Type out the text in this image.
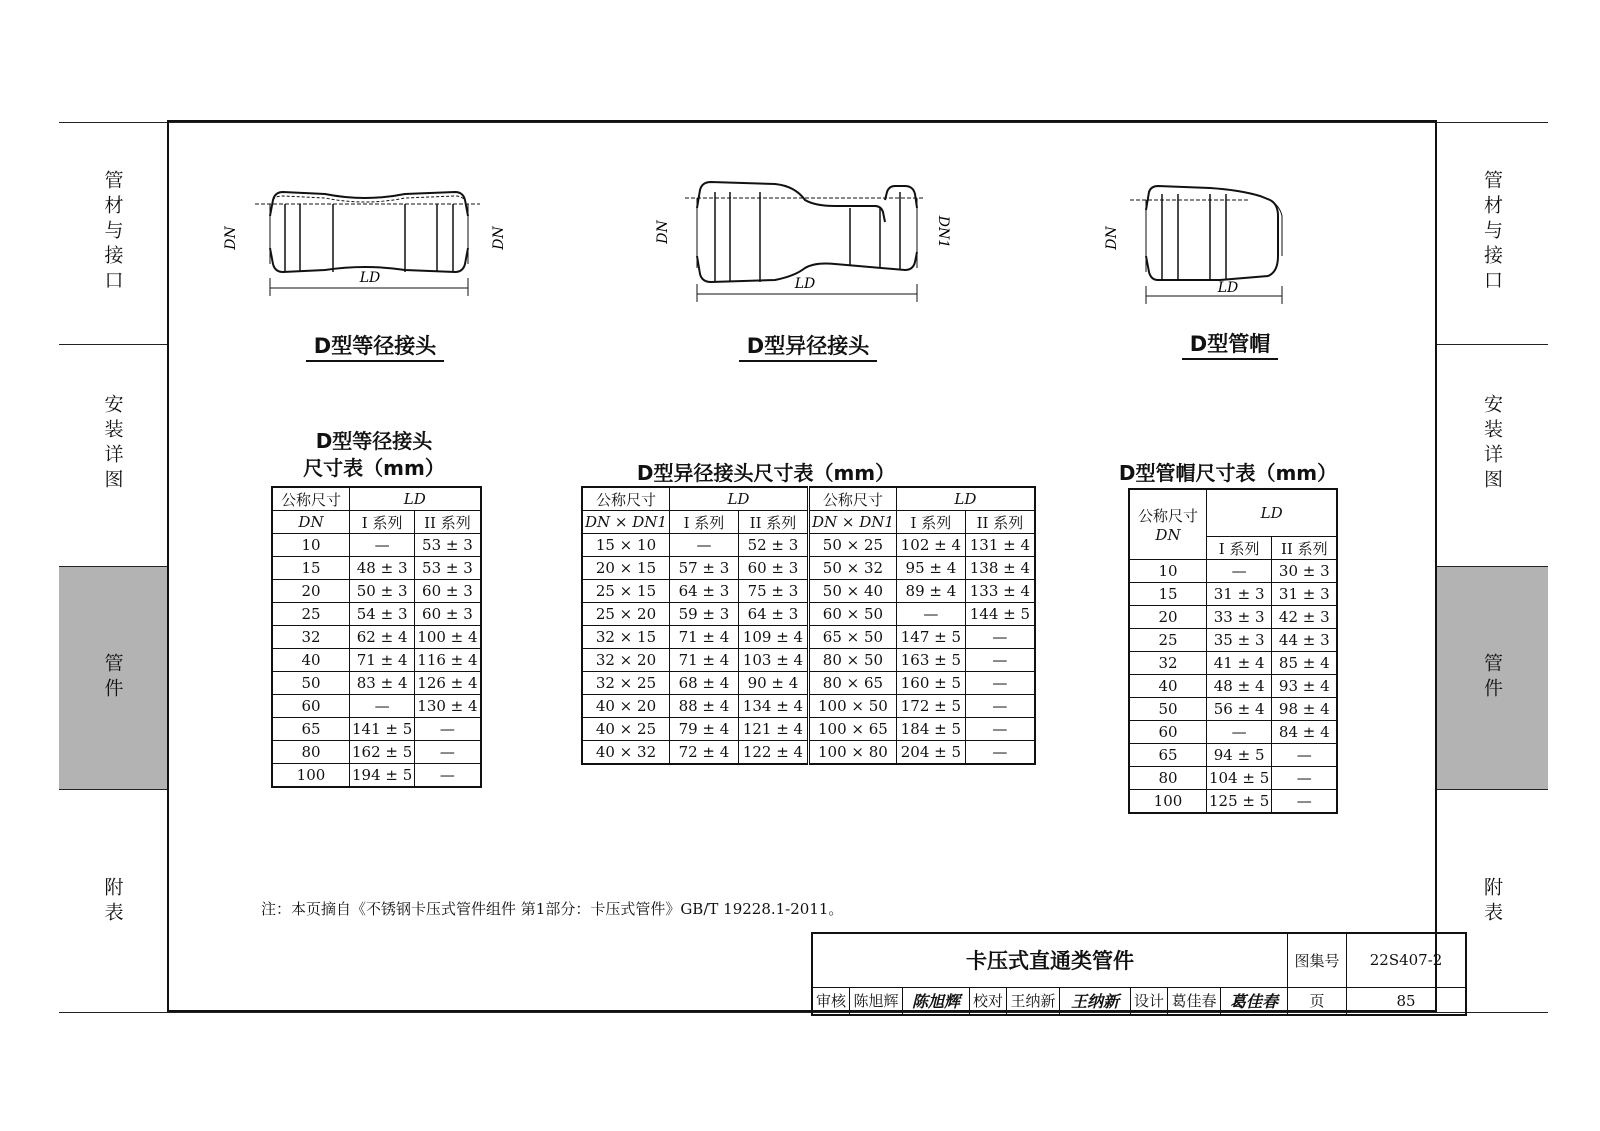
管材与接口
安装详图
管件
附表
管材与接口
安装详图
管件
附表
DN	DN
LD
D型等径接头
DN	DN1
LD
D型异径接头
DN
LD
D型管帽
D型等径接头
尺寸表（mm）
公称尺寸	LD	
DN	I 系列	II 系列
10	—	53 ± 3
15	48 ± 3	53 ± 3
20	50 ± 3	60 ± 3
25	54 ± 3	60 ± 3
32	62 ± 4	100 ± 4
40	71 ± 4	116 ± 4
50	83 ± 4	126 ± 4
60	—	130 ± 4
65	141 ± 5	—
80	162 ± 5	—
100	194 ± 5	—
D型异径接头尺寸表（mm）
公称尺寸	LD		公称尺寸	LD	
DN × DN1	I 系列	II 系列	DN × DN1	I 系列	II 系列
15 × 10	—	52 ± 3	50 × 25	102 ± 4	131 ± 4
20 × 15	57 ± 3	60 ± 3	50 × 32	95 ± 4	138 ± 4
25 × 15	64 ± 3	75 ± 3	50 × 40	89 ± 4	133 ± 4
25 × 20	59 ± 3	64 ± 3	60 × 50	—	144 ± 5
32 × 15	71 ± 4	109 ± 4	65 × 50	147 ± 5	—
32 × 20	71 ± 4	103 ± 4	80 × 50	163 ± 5	—
32 × 25	68 ± 4	90 ± 4	80 × 65	160 ± 5	—
40 × 20	88 ± 4	134 ± 4	100 × 50	172 ± 5	—
40 × 25	79 ± 4	121 ± 4	100 × 65	184 ± 5	—
40 × 32	72 ± 4	122 ± 4	100 × 80	204 ± 5	—
D型管帽尺寸表（mm）
公称尺寸
DN	LD	
	I 系列	II 系列
10	—	30 ± 3
15	31 ± 3	31 ± 3
20	33 ± 3	42 ± 3
25	35 ± 3	44 ± 3
32	41 ± 4	85 ± 4
40	48 ± 4	93 ± 4
50	56 ± 4	98 ± 4
60	—	84 ± 4
65	94 ± 5	—
80	104 ± 5	—
100	125 ± 5	—
注：本页摘自《不锈钢卡压式管件组件 第1部分：卡压式管件》GB/T 19228.1-2011。
卡压式直通类管件									图集号	22S407-2
审核	陈旭辉	陈旭辉	校对	王纳新	王纳新	设计	葛佳春	葛佳春	页	85
